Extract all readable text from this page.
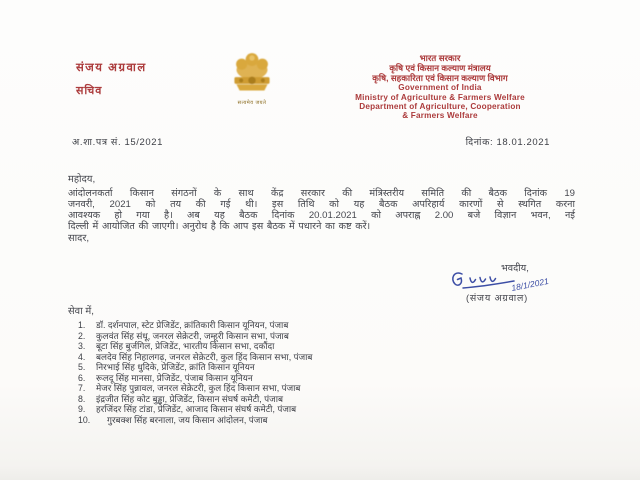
संजय अग्रवाल
सचिव
सत्यमेव जयते
भारत सरकार
कृषि एवं किसान कल्याण मंत्रालय
कृषि, सहकारिता एवं किसान कल्याण विभाग
Government of India
Ministry of Agriculture & Farmers Welfare
Department of Agriculture, Cooperation
& Farmers Welfare
अ.शा.पत्र सं. 15/2021	दिनांक: 18.01.2021
महोदय,
आंदोलनकर्ता किसान संगठनों के साथ केंद्र सरकार की मंत्रिस्तरीय समिति की बैठक दिनांक 19
जनवरी, 2021 को तय की गई थी। इस तिथि को यह बैठक अपरिहार्य कारणों से स्थगित करना
आवश्यक हो गया है। अब यह बैठक दिनांक 20.01.2021 को अपराह्न 2.00 बजे विज्ञान भवन, नई
दिल्ली में आयोजित की जाएगी। अनुरोध है कि आप इस बैठक में पधारने का कष्ट करें।
सादर,
भवदीय,
18/1/2021
(संजय अग्रवाल)
सेवा में,
1.	डॉ. दर्शनपाल, स्टेट प्रेजिडेंट, क्रांतिकारी किसान यूनियन, पंजाब
2.	कुलवंत सिंह संधू, जनरल सेक्रेटरी, जम्हूरी किसान सभा, पंजाब
3.	बूटा सिंह बुर्जगिल, प्रेजिडेंट, भारतीय किसान सभा, दकौंदा
4.	बलदेव सिंह निहालगढ़, जनरल सेक्रेटरी, कुल हिंद किसान सभा, पंजाब
5.	निरभाई सिंह धुदिके, प्रेजिडेंट, क्रांति किसान यूनियन
6.	रूलदू सिंह मानसा, प्रेजिडेंट, पंजाब किसान यूनियन
7.	मेजर सिंह पुन्नावल, जनरल सेक्रेटरी, कुल हिंद किसान सभा, पंजाब
8.	इंद्रजीत सिंह कोट बुड्ढा, प्रेजिडेंट, किसान संघर्ष कमेटी, पंजाब
9.	हरजिंदर सिंह टांडा, प्रेजिडेंट, आजाद किसान संघर्ष कमेटी, पंजाब
10.	गुरबक्श सिंह बरनाला, जय किसान आंदोलन, पंजाब
